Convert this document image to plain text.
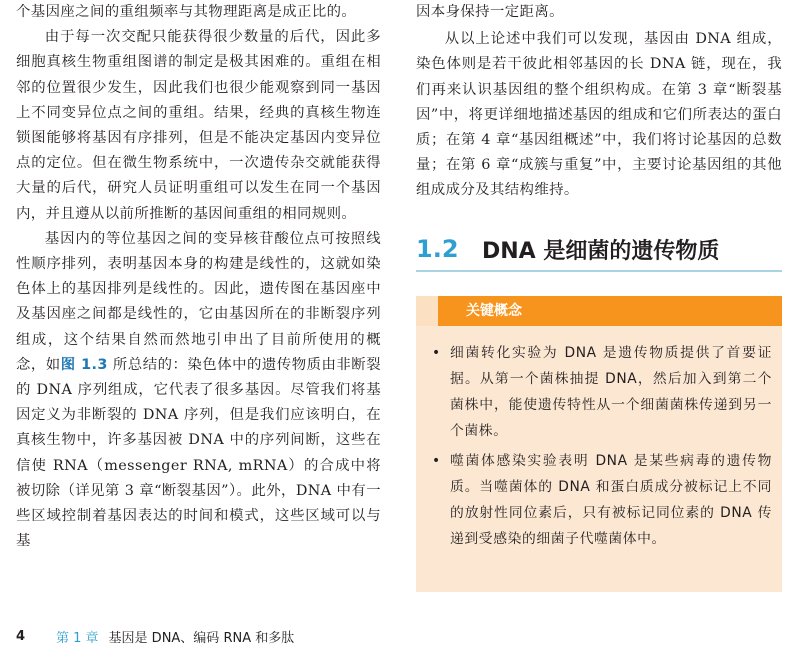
个基因座之间的重组频率与其物理距离是成正比的。

由于每一次交配只能获得很少数量的后代，因此多细胞真核生物重组图谱的制定是极其困难的。重组在相邻的位置很少发生，因此我们也很少能观察到同一基因上不同变异位点之间的重组。结果，经典的真核生物连锁图能够将基因有序排列，但是不能决定基因内变异位点的定位。但在微生物系统中，一次遗传杂交就能获得大量的后代，研究人员证明重组可以发生在同一个基因内，并且遵从以前所推断的基因间重组的相同规则。

基因内的等位基因之间的变异核苷酸位点可按照线性顺序排列，表明基因本身的构建是线性的，这就如染色体上的基因排列是线性的。因此，遗传图在基因座中及基因座之间都是线性的，它由基因所在的非断裂序列组成，这个结果自然而然地引申出了目前所使用的概念，如图 1.3 所总结的：染色体中的遗传物质由非断裂的 DNA 序列组成，它代表了很多基因。尽管我们将基因定义为非断裂的 DNA 序列，但是我们应该明白，在真核生物中，许多基因被 DNA 中的序列间断，这些在信使 RNA（messenger RNA, mRNA）的合成中将被切除（详见第 3 章“断裂基因”）。此外，DNA 中有一些区域控制着基因表达的时间和模式，这些区域可以与基

因本身保持一定距离。

从以上论述中我们可以发现，基因由 DNA 组成，染色体则是若干彼此相邻基因的长 DNA 链，现在，我们再来认识基因组的整个组织构成。在第 3 章“断裂基因”中，将更详细地描述基因的组成和它们所表达的蛋白质；在第 4 章“基因组概述”中，我们将讨论基因的总数量；在第 6 章“成簇与重复”中，主要讨论基因组的其他组成成分及其结构维持。

1.2	DNA 是细菌的遗传物质
关键概念
• 细菌转化实验为 DNA 是遗传物质提供了首要证据。从第一个菌株抽提 DNA，然后加入到第二个菌株中，能使遗传特性从一个细菌菌株传递到另一个菌株。
• 噬菌体感染实验表明 DNA 是某些病毒的遗传物质。当噬菌体的 DNA 和蛋白质成分被标记上不同的放射性同位素后，只有被标记同位素的 DNA 传递到受感染的细菌子代噬菌体中。
4	第 1 章 基因是 DNA、编码 RNA 和多肽
